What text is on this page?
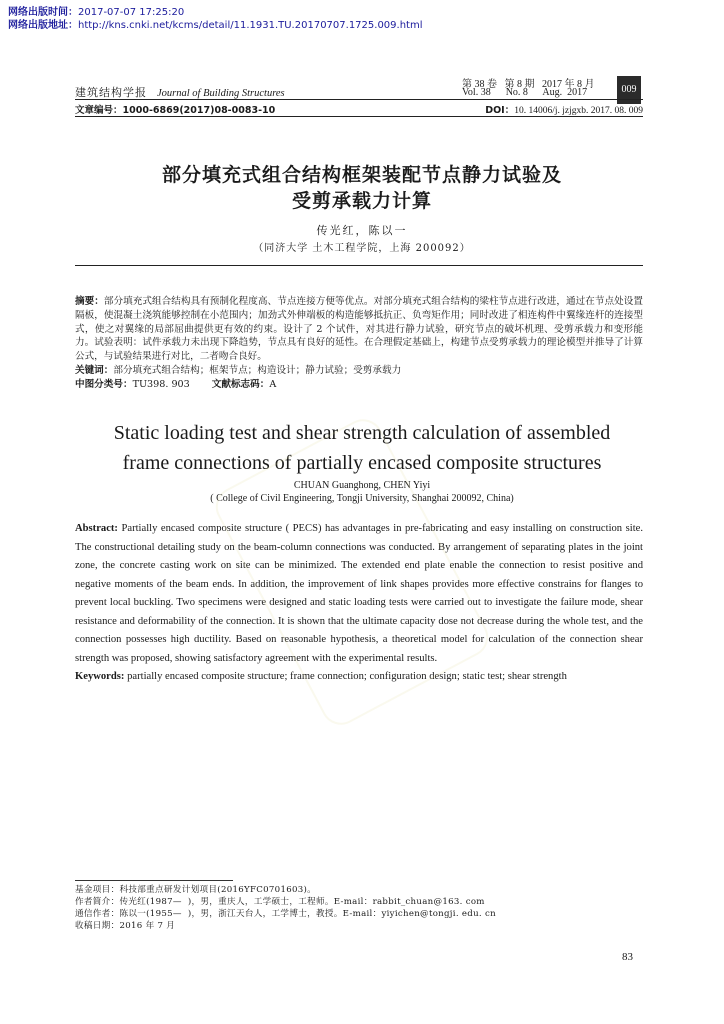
网络出版时间：2017-07-07 17:25:20
网络出版地址：http://kns.cnki.net/kcms/detail/11.1931.TU.20170707.1725.009.html
建筑结构学报 Journal of Building Structures
第 38 卷   第 8 期   2017 年 8 月
Vol. 38      No. 8      Aug.  2017	009
文章编号：1000-6869(2017)08-0083-10	DOI：10. 14006/j. jzjgxb. 2017. 08. 009
部分填充式组合结构框架装配节点静力试验及
受剪承载力计算
传光红，陈以一
（同济大学 土木工程学院，上海 200092）

摘要：部分填充式组合结构具有预制化程度高、节点连接方便等优点。对部分填充式组合结构的梁柱节点进行改进，通过在节点处设置隔板，使混凝土浇筑能够控制在小范围内；加劲式外伸端板的构造能够抵抗正、负弯矩作用；同时改进了相连构件中翼缘连杆的连接型式，使之对翼缘的局部屈曲提供更有效的约束。设计了 2 个试件，对其进行静力试验，研究节点的破坏机理、受剪承载力和变形能力。试验表明：试件承载力未出现下降趋势，节点具有良好的延性。在合理假定基础上，构建节点受剪承载力的理论模型并推导了计算公式，与试验结果进行对比，二者吻合良好。

关键词：部分填充式组合结构；框架节点；构造设计；静力试验；受剪承载力

中图分类号：TU398. 903 文献标志码：A

Static loading test and shear strength calculation of assembled
frame connections of partially encased composite structures
CHUAN Guanghong, CHEN Yiyi
( College of Civil Engineering, Tongji University, Shanghai 200092, China)

Abstract: Partially encased composite structure ( PECS) has advantages in pre-fabricating and easy installing on construction site. The constructional detailing study on the beam-column connections was conducted. By arrangement of separating plates in the joint zone, the concrete casting work on site can be minimized. The extended end plate enable the connection to resist positive and negative moments of the beam ends. In addition, the improvement of link shapes provides more effective constrains for flanges to prevent local buckling. Two specimens were designed and static loading tests were carried out to investigate the failure mode, shear resistance and deformability of the connection. It is shown that the ultimate capacity dose not decrease during the whole test, and the connection possesses high ductility. Based on reasonable hypothesis, a theoretical model for calculation of the connection shear strength was proposed, showing satisfactory agreement with the experimental results.

Keywords: partially encased composite structure; frame connection; configuration design; static test; shear strength

基金项目：科技部重点研发计划项目(2016YFC0701603)。
作者简介：传光红(1987—  )，男，重庆人，工学硕士，工程师。E-mail：rabbit_chuan@163. com
通信作者：陈以一(1955—  )，男，浙江天台人，工学博士，教授。E-mail：yiyichen@tongji. edu. cn
收稿日期：2016 年 7 月
83
